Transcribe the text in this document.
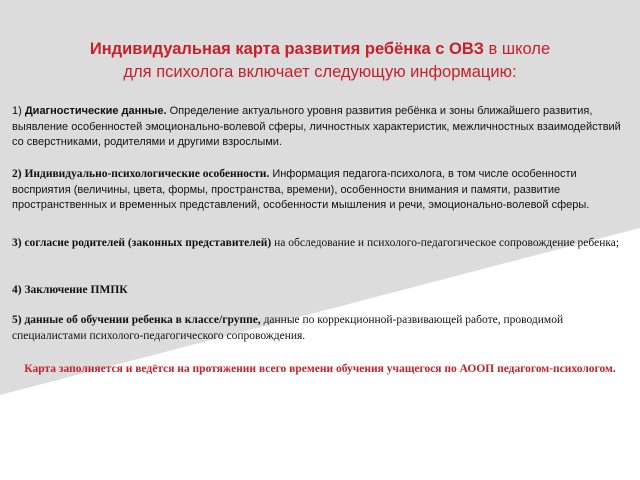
Индивидуальная карта развития ребёнка с ОВЗ в школе
для психолога включает следующую информацию:
1) Диагностические данные. Определение актуального уровня развития ребёнка и зоны ближайшего развития, выявление особенностей эмоционально-волевой сферы, личностных характеристик, межличностных взаимодействий со сверстниками, родителями и другими взрослыми.
2) Индивидуально-психологические особенности. Информация педагога-психолога, в том числе особенности восприятия (величины, цвета, формы, пространства, времени), особенности внимания и памяти, развитие пространственных и временных представлений, особенности мышления и речи, эмоционально-волевой сферы.
3) согласие родителей (законных представителей) на обследование и психолого-педагогическое сопровождение ребенка;
4) Заключение ПМПК
5) данные об обучении ребенка в классе/группе, данные по коррекционной-развивающей работе, проводимой специалистами психолого-педагогического сопровождения.
Карта заполняется и ведётся на протяжении всего времени обучения учащегося по АООП педагогом-психологом.
